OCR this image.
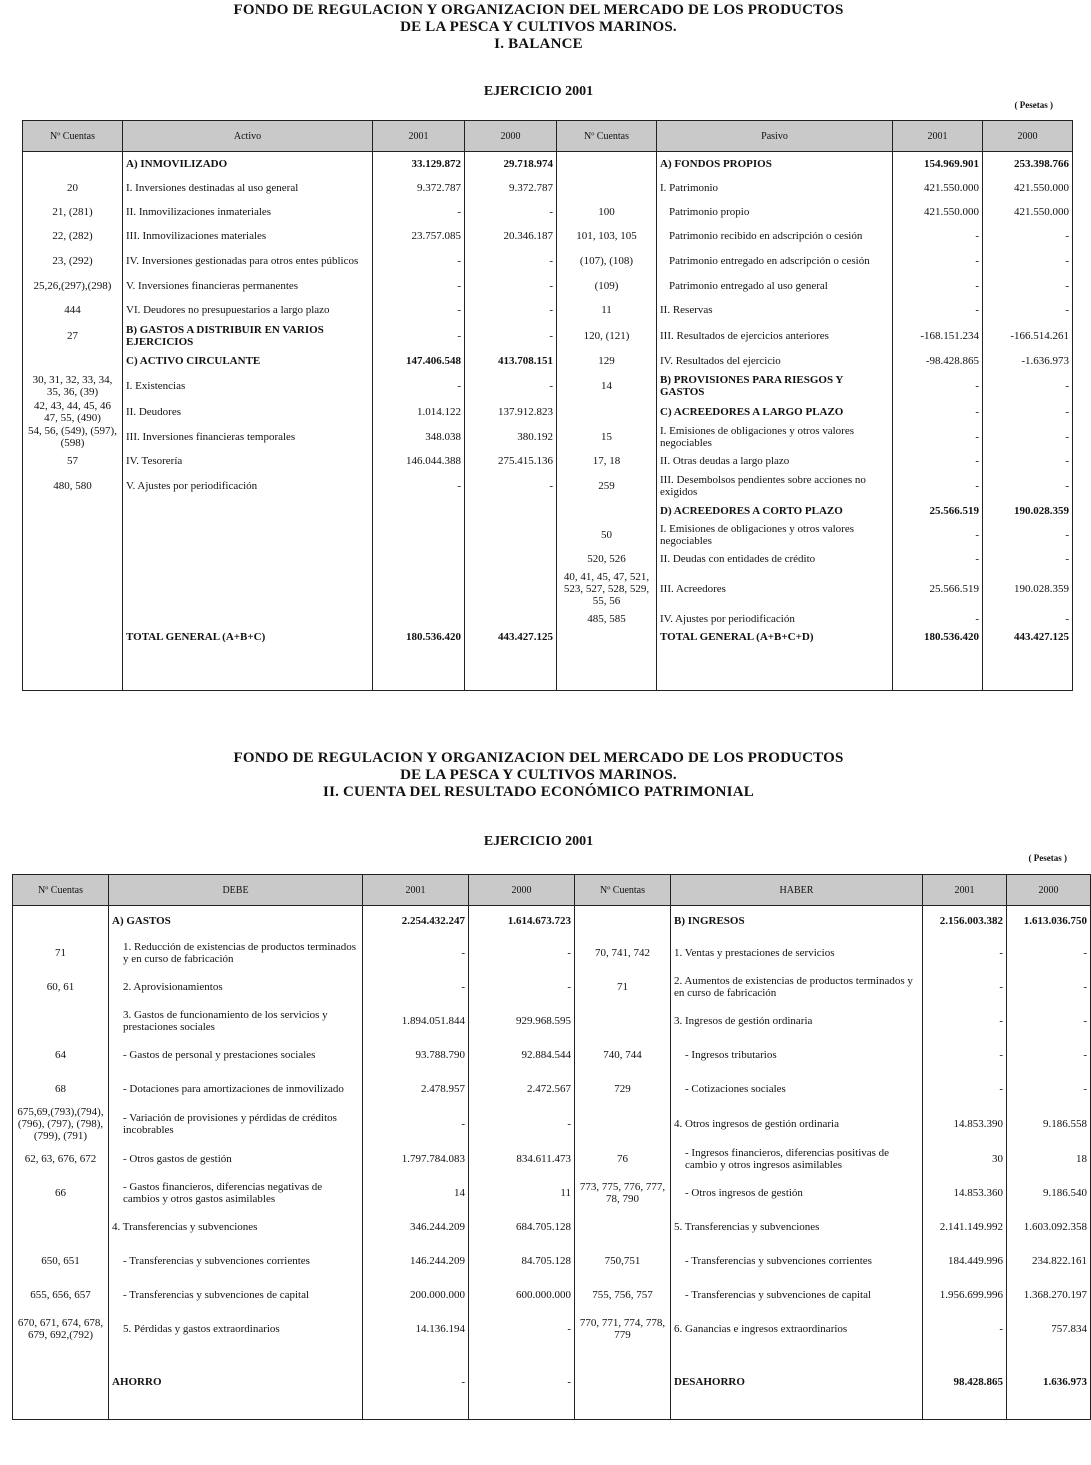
FONDO DE REGULACION Y ORGANIZACION DEL MERCADO DE LOS PRODUCTOS
DE LA PESCA Y CULTIVOS MARINOS.
I. BALANCE
EJERCICIO 2001
( Pesetas )
Nº Cuentas	Activo	2001	2000	Nº Cuentas	Pasivo	2001	2000
	A) INMOVILIZADO	33.129.872	29.718.974		A) FONDOS PROPIOS	154.969.901	253.398.766
20	I. Inversiones destinadas al uso general	9.372.787	9.372.787		I. Patrimonio	421.550.000	421.550.000
21, (281)	II. Inmovilizaciones inmateriales	-	-	100	Patrimonio propio	421.550.000	421.550.000
22, (282)	III. Inmovilizaciones materiales	23.757.085	20.346.187	101, 103, 105	Patrimonio recibido en adscripción o cesión	-	-
23, (292)	IV. Inversiones gestionadas para otros entes públicos	-	-	(107), (108)	Patrimonio entregado en adscripción o cesión	-	-
25,26,(297),(298)	V. Inversiones financieras permanentes	-	-	(109)	Patrimonio entregado al uso general	-	-
444	VI. Deudores no presupuestarios a largo plazo	-	-	11	II. Reservas	-	-
27	B) GASTOS A DISTRIBUIR EN VARIOS EJERCICIOS	-	-	120, (121)	III. Resultados de ejercicios anteriores	-168.151.234	-166.514.261
	C) ACTIVO CIRCULANTE	147.406.548	413.708.151	129	IV. Resultados del ejercicio	-98.428.865	-1.636.973
30, 31, 32, 33, 34, 35, 36, (39)	I. Existencias	-	-	14	B) PROVISIONES PARA RIESGOS Y GASTOS	-	-
42, 43, 44, 45, 46 47, 55, (490)	II. Deudores	1.014.122	137.912.823		C) ACREEDORES A LARGO PLAZO	-	-
54, 56, (549), (597), (598)	III. Inversiones financieras temporales	348.038	380.192	15	I. Emisiones de obligaciones y otros valores negociables	-	-
57	IV. Tesorería	146.044.388	275.415.136	17, 18	II. Otras deudas a largo plazo	-	-
480, 580	V. Ajustes por periodificación	-	-	259	III. Desembolsos pendientes sobre acciones no exigidos	-	-
					D) ACREEDORES A CORTO PLAZO	25.566.519	190.028.359
				50	I. Emisiones de obligaciones y otros valores negociables	-	-
				520, 526	II. Deudas con entidades de crédito	-	-
				40, 41, 45, 47, 521, 523, 527, 528, 529, 55, 56	III. Acreedores	25.566.519	190.028.359
				485, 585	IV. Ajustes por periodificación	-	-
	TOTAL GENERAL (A+B+C)	180.536.420	443.427.125		TOTAL GENERAL (A+B+C+D)	180.536.420	443.427.125
FONDO DE REGULACION Y ORGANIZACION DEL MERCADO DE LOS PRODUCTOS
DE LA PESCA Y CULTIVOS MARINOS.
II. CUENTA DEL RESULTADO ECONÓMICO PATRIMONIAL
EJERCICIO 2001
( Pesetas )
Nº Cuentas	DEBE	2001	2000	Nº Cuentas	HABER	2001	2000
	A) GASTOS	2.254.432.247	1.614.673.723		B) INGRESOS	2.156.003.382	1.613.036.750
71	1. Reducción de existencias de productos terminados y en curso de fabricación	-	-	70, 741, 742	1. Ventas y prestaciones de servicios	-	-
60, 61	2. Aprovisionamientos	-	-	71	2. Aumentos de existencias de productos terminados y en curso de fabricación	-	-
	3. Gastos de funcionamiento de los servicios y prestaciones sociales	1.894.051.844	929.968.595		3. Ingresos de gestión ordinaria	-	-
64	- Gastos de personal y prestaciones sociales	93.788.790	92.884.544	740, 744	- Ingresos tributarios	-	-
68	- Dotaciones para amortizaciones de inmovilizado	2.478.957	2.472.567	729	- Cotizaciones sociales	-	-
675,69,(793),(794), (796), (797), (798), (799), (791)	- Variación de provisiones y pérdidas de créditos incobrables	-	-		4. Otros ingresos de gestión ordinaria	14.853.390	9.186.558
62, 63, 676, 672	- Otros gastos de gestión	1.797.784.083	834.611.473	76	- Ingresos financieros, diferencias positivas de cambio y otros ingresos asimilables	30	18
66	- Gastos financieros, diferencias negativas de cambios y otros gastos asimilables	14	11	773, 775, 776, 777, 78, 790	- Otros ingresos de gestión	14.853.360	9.186.540
	4. Transferencias y subvenciones	346.244.209	684.705.128		5. Transferencias y subvenciones	2.141.149.992	1.603.092.358
650, 651	- Transferencias y subvenciones corrientes	146.244.209	84.705.128	750,751	- Transferencias y subvenciones corrientes	184.449.996	234.822.161
655, 656, 657	- Transferencias y subvenciones de capital	200.000.000	600.000.000	755, 756, 757	- Transferencias y subvenciones de capital	1.956.699.996	1.368.270.197
670, 671, 674, 678, 679, 692,(792)	5. Pérdidas y gastos extraordinarios	14.136.194	-	770, 771, 774, 778, 779	6. Ganancias e ingresos extraordinarios	-	757.834
	AHORRO	-	-		DESAHORRO	98.428.865	1.636.973
